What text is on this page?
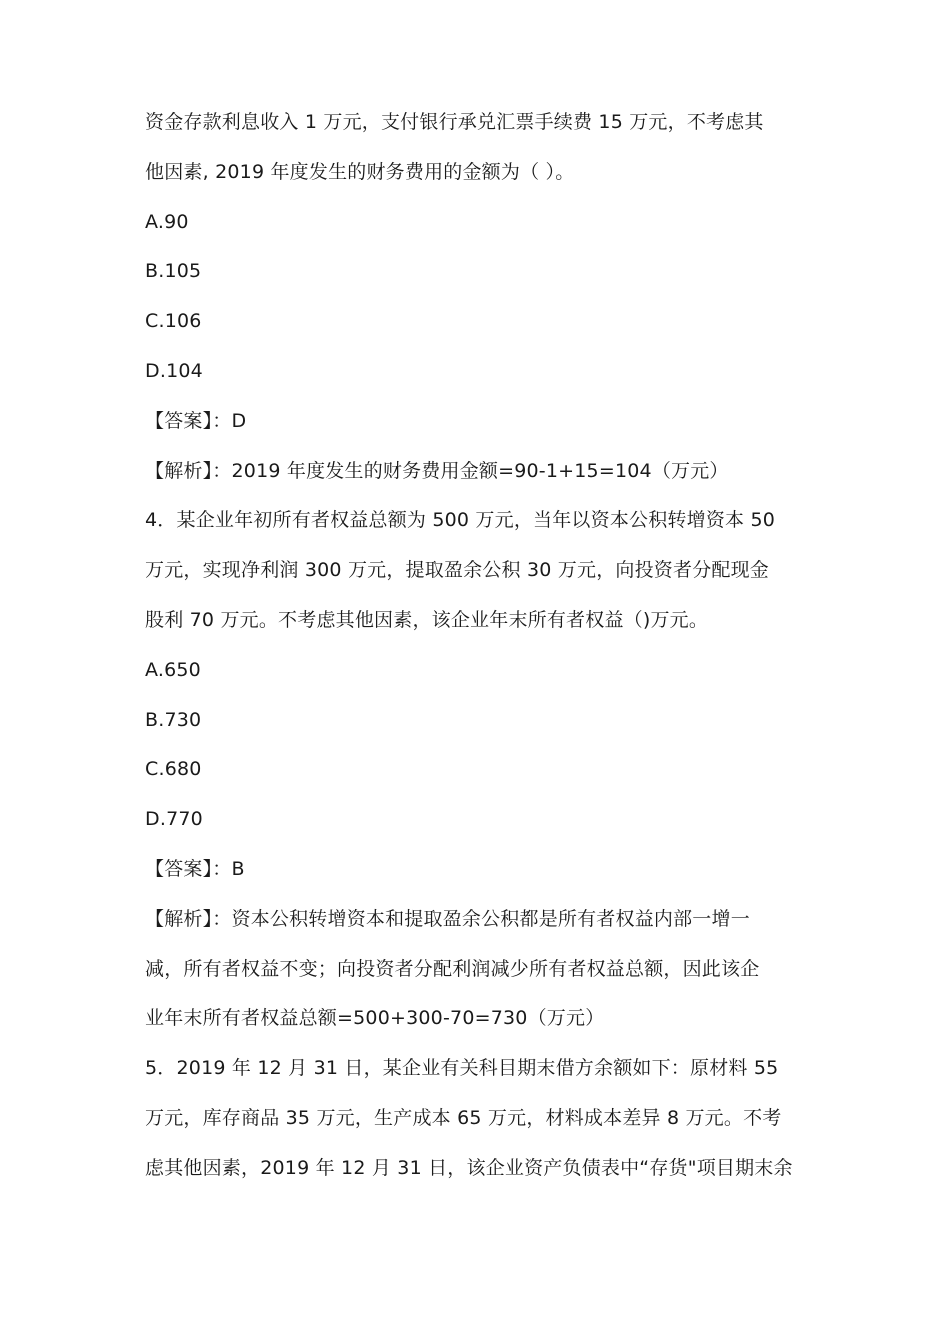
资金存款利息收入 1 万元，支付银行承兑汇票手续费 15 万元，不考虑其
他因素, 2019 年度发生的财务费用的金额为（ ）。
A.90
B.105
C.106
D.104
【答案】：D
【解析】：2019 年度发生的财务费用金额=90-1+15=104（万元）
4．某企业年初所有者权益总额为 500 万元，当年以资本公积转增资本 50
万元，实现净利润 300 万元，提取盈余公积 30 万元，向投资者分配现金
股利 70 万元。不考虑其他因素，该企业年末所有者权益（)万元。
A.650
B.730
C.680
D.770
【答案】：B
【解析】：资本公积转增资本和提取盈余公积都是所有者权益内部一增一
减，所有者权益不变；向投资者分配利润减少所有者权益总额，因此该企
业年末所有者权益总额=500+300-70=730（万元）
5．2019 年 12 月 31 日，某企业有关科目期末借方余额如下：原材料 55
万元，库存商品 35 万元，生产成本 65 万元，材料成本差异 8 万元。不考
虑其他因素，2019 年 12 月 31 日，该企业资产负债表中“存货"项目期末余
